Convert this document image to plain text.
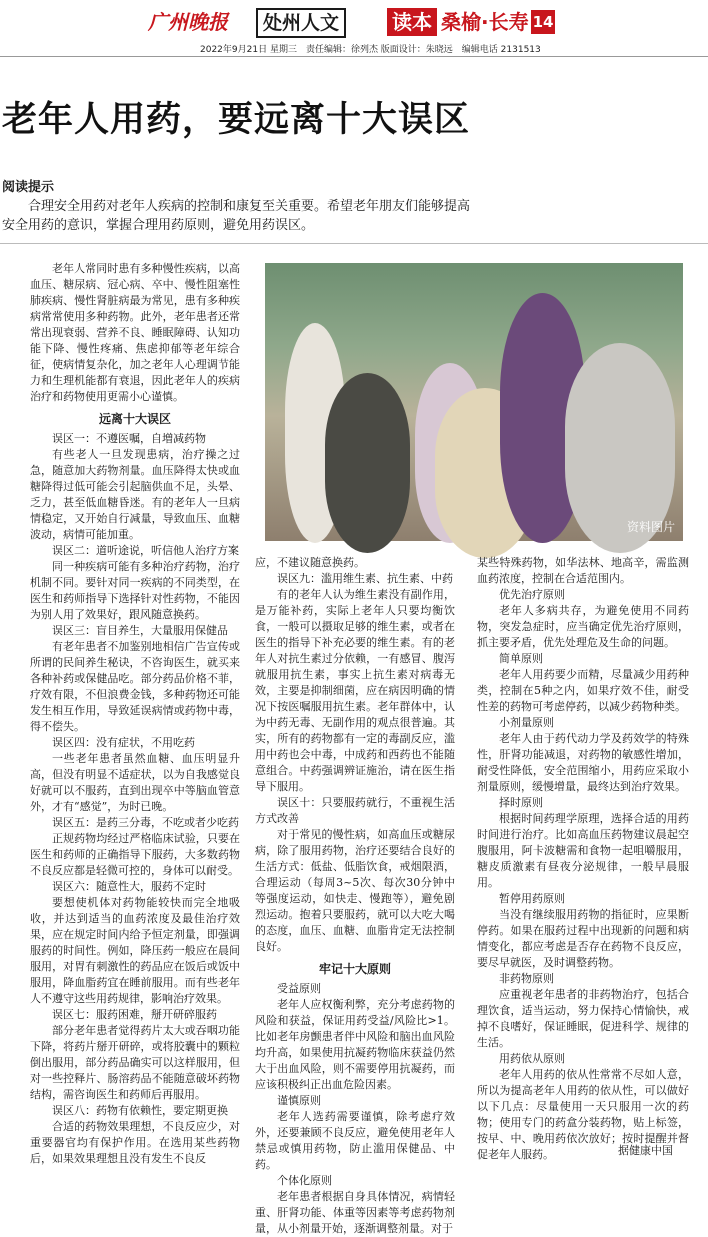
广州晚报	处州人文	读本 桑榆·长寿 14
2022年9月21日 星期三　责任编辑：徐列杰 版面设计：朱晓远　编辑电话 2131513
老年人用药，要远离十大误区
阅读提示
合理安全用药对老年人疾病的控制和康复至关重要。希望老年朋友们能够提高安全用药的意识，掌握合理用药原则，避免用药误区。

老年人常同时患有多种慢性疾病，以高血压、糖尿病、冠心病、卒中、慢性阻塞性肺疾病、慢性肾脏病最为常见，患有多种疾病常常使用多种药物。此外，老年患者还常常出现衰弱、营养不良、睡眠障碍、认知功能下降、慢性疼痛、焦虑抑郁等老年综合征，使病情复杂化，加之老年人心理调节能力和生理机能都有衰退，因此老年人的疾病治疗和药物使用更需小心谨慎。

远离十大误区

误区一：不遵医嘱，自増减药物

有些老人一旦发现患病，治疗操之过急，随意加大药物剂量。血压降得太快或血糖降得过低可能会引起脑供血不足，头晕、乏力，甚至低血糖昏迷。有的老年人一旦病情稳定，又开始自行减量，导致血压、血糖波动，病情可能加重。

误区二：道听途说，听信他人治疗方案

同一种疾病可能有多种治疗药物，治疗机制不同。要针对同一疾病的不同类型，在医生和药师指导下选择针对性药物，不能因为别人用了效果好，跟风随意换药。

误区三：盲目养生，大量服用保健品

有老年患者不加鉴别地相信广告宣传或所谓的民间养生秘诀，不咨询医生，就买来各种补药或保健品吃。部分药品价格不菲，疗效有限，不但浪费金钱，多种药物还可能发生相互作用，导致延误病情或药物中毒，得不偿失。

误区四：没有症状，不用吃药

一些老年患者虽然血糖、血压明显升高，但没有明显不适症状，以为自我感觉良好就可以不服药，直到出现卒中等脑血管意外，才有“感觉”，为时已晚。

误区五：是药三分毒，不吃或者少吃药

正规药物均经过严格临床试验，只要在医生和药师的正确指导下服药，大多数药物不良反应都是轻微可控的，身体可以耐受。

误区六：随意性大，服药不定时

要想使机体对药物能较快而完全地吸收，并达到适当的血药浓度及最佳治疗效果，应在规定时间内给予恒定剂量，即强调服药的时间性。例如，降压药一般应在晨间服用，对胃有刺激性的药品应在饭后或饭中服用，降血脂药宜在睡前服用。而有些老年人不遵守这些用药规律，影响治疗效果。

误区七：服药困难，掰开研碎服药

部分老年患者觉得药片太大或吞咽功能下降，将药片掰开研碎，或将胶囊中的颗粒倒出服用，部分药品确实可以这样服用，但对一些控释片、肠溶药品不能随意破坏药物结构，需咨询医生和药师后再服用。

误区八：药物有依赖性，要定期更换

合适的药物效果理想，不良反应少，对重要器官均有保护作用。在选用某些药物后，如果效果理想且没有发生不良反

资料图片

应，不建议随意换药。

误区九：滥用维生素、抗生素、中药

有的老年人认为维生素没有副作用，是万能补药，实际上老年人只要均衡饮食，一般可以摄取足够的维生素，或者在医生的指导下补充必要的维生素。有的老年人对抗生素过分依赖，一有感冒、腹泻就服用抗生素，事实上抗生素对病毒无效，主要是抑制细菌，应在病因明确的情况下按医嘱服用抗生素。老年群体中，认为中药无毒、无副作用的观点很普遍。其实，所有的药物都有一定的毒副反应，滥用中药也会中毒，中成药和西药也不能随意组合。中药强调辨证施治，请在医生指导下服用。

误区十：只要服药就行，不重视生活方式改善

对于常见的慢性病，如高血压或糖尿病，除了服用药物，治疗还要结合良好的生活方式：低盐、低脂饮食，戒烟限酒，合理运动（每周3~5次、每次30分钟中等强度运动，如快走、慢跑等），避免剧烈运动。抱着只要服药，就可以大吃大喝的态度，血压、血糖、血脂肯定无法控制良好。

牢记十大原则

受益原则

老年人应权衡利弊，充分考虑药物的风险和获益，保证用药受益/风险比>1。比如老年房颤患者伴中风险和脑出血风险均升高，如果使用抗凝药物临床获益仍然大于出血风险，则不需要停用抗凝药，而应该积极纠正出血危险因素。

谨慎原则

老年人选药需要谨慎，除考虑疗效外，还要兼顾不良反应，避免使用老年人禁忌或慎用药物，防止滥用保健品、中药。

个体化原则

老年患者根据自身具体情况，病情轻重、肝肾功能、体重等因素等考虑药物剂量，从小剂量开始，逐渐调整剂量。对于

某些特殊药物，如华法林、地高辛，需监测血药浓度，控制在合适范围内。

优先治疗原则

老年人多病共存，为避免使用不同药物，突发急症时，应当确定优先治疗原则，抓主要矛盾，优先处理危及生命的问题。

简单原则

老年人用药要少而精，尽量减少用药种类，控制在5种之内，如果疗效不佳，耐受性差的药物可考虑停药，以减少药物种类。

小剂量原则

老年人由于药代动力学及药效学的特殊性，肝肾功能减退，对药物的敏感性增加，耐受性降低，安全范围缩小，用药应采取小剂量原则，缓慢增量，最终达到治疗效果。

择时原则

根据时间药理学原理，选择合适的用药时间进行治疗。比如高血压药物建议晨起空腹服用，阿卡波糖需和食物一起咀嚼服用，糖皮质激素有昼夜分泌规律，一般早晨服用。

暂停用药原则

当没有继续服用药物的指征时，应果断停药。如果在服药过程中出现新的问题和病情变化，都应考虑是否存在药物不良反应，要尽早就医，及时调整药物。

非药物原则

应重视老年患者的非药物治疗，包括合理饮食，适当运动，努力保持心情愉快，戒掉不良嗜好，保证睡眠，促进科学、规律的生活。

用药依从原则

老年人用药的依从性常常不尽如人意，所以为提高老年人用药的依从性，可以做好以下几点：尽量使用一天只服用一次的药物；使用专门的药盒分装药物，贴上标签，按早、中、晚用药依次放好；按时提醒并督促老年人服药。	据健康中国
